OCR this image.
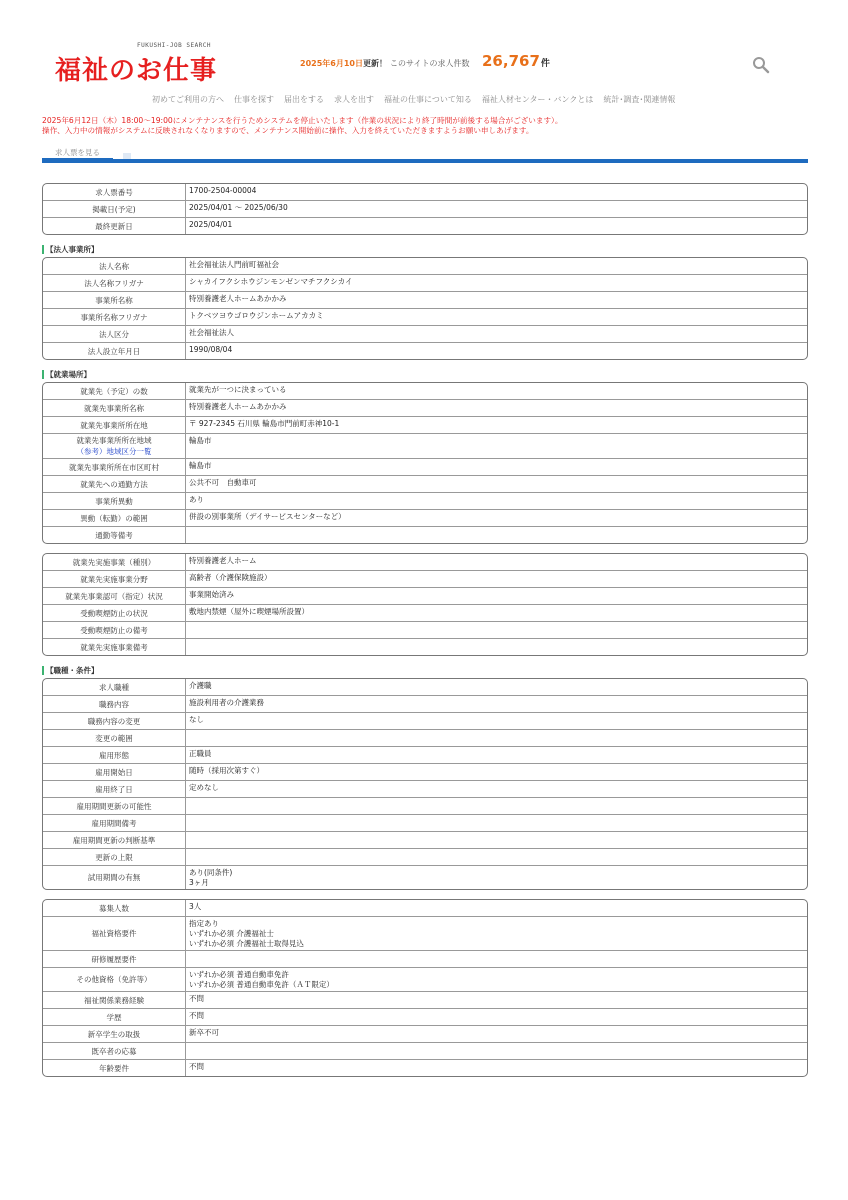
FUKUSHI-JOB SEARCH
福祉のお仕事	2025年6月10日更新！ このサイトの求人件数 26,767件
初めてご利用の方へ 仕事を探す 届出をする 求人を出す 福祉の仕事について知る 福祉人材センター・バンクとは 統計･調査･関連情報
2025年6月12日（木）18:00～19:00にメンテナンスを行うためシステムを停止いたします（作業の状況により終了時間が前後する場合がございます）。
操作、入力中の情報がシステムに反映されなくなりますので、メンテナンス開始前に操作、入力を終えていただきますようお願い申しあげます。
求人票を見る
求人票番号	1700-2504-00004
掲載日(予定)	2025/04/01 ～ 2025/06/30
最終更新日	2025/04/01
【法人事業所】
法人名称	社会福祉法人門前町福祉会
法人名称フリガナ	シャカイフクシホウジンモンゼンマチフクシカイ
事業所名称	特別養護老人ホームあかかみ
事業所名称フリガナ	トクベツヨウゴロウジンホームアカカミ
法人区分	社会福祉法人
法人設立年月日	1990/08/04
【就業場所】
就業先（予定）の数	就業先が一つに決まっている
就業先事業所名称	特別養護老人ホームあかかみ
就業先事業所所在地	〒 927-2345 石川県 輪島市門前町赤神10-1
就業先事業所所在地域
（参考）地域区分一覧	輪島市
就業先事業所所在市区町村	輪島市
就業先への通勤方法	公共不可　自動車可
事業所異動	あり
異動（転勤）の範囲	併設の別事業所（デイサービスセンターなど）
通勤等備考	
就業先実施事業（種別）	特別養護老人ホーム
就業先実施事業分野	高齢者（介護保険施設）
就業先事業認可（指定）状況	事業開始済み
受動喫煙防止の状況	敷地内禁煙（屋外に喫煙場所設置）
受動喫煙防止の備考	
就業先実施事業備考	
【職種・条件】
求人職種	介護職
職務内容	施設利用者の介護業務
職務内容の変更	なし
変更の範囲	
雇用形態	正職員
雇用開始日	随時（採用次第すぐ）
雇用終了日	定めなし
雇用期間更新の可能性	
雇用期間備考	
雇用期間更新の判断基準	
更新の上限	
試用期間の有無	あり(同条件)
3ヶ月
募集人数	3人
福祉資格要件	指定あり
いずれか必須 介護福祉士
いずれか必須 介護福祉士取得見込

研修履歴要件	
その他資格（免許等）	いずれか必須 普通自動車免許
いずれか必須 普通自動車免許（ＡＴ限定）

福祉関係業務経験	不問
学歴	不問
新卒学生の取扱	新卒不可
既卒者の応募	
年齢要件	不問
